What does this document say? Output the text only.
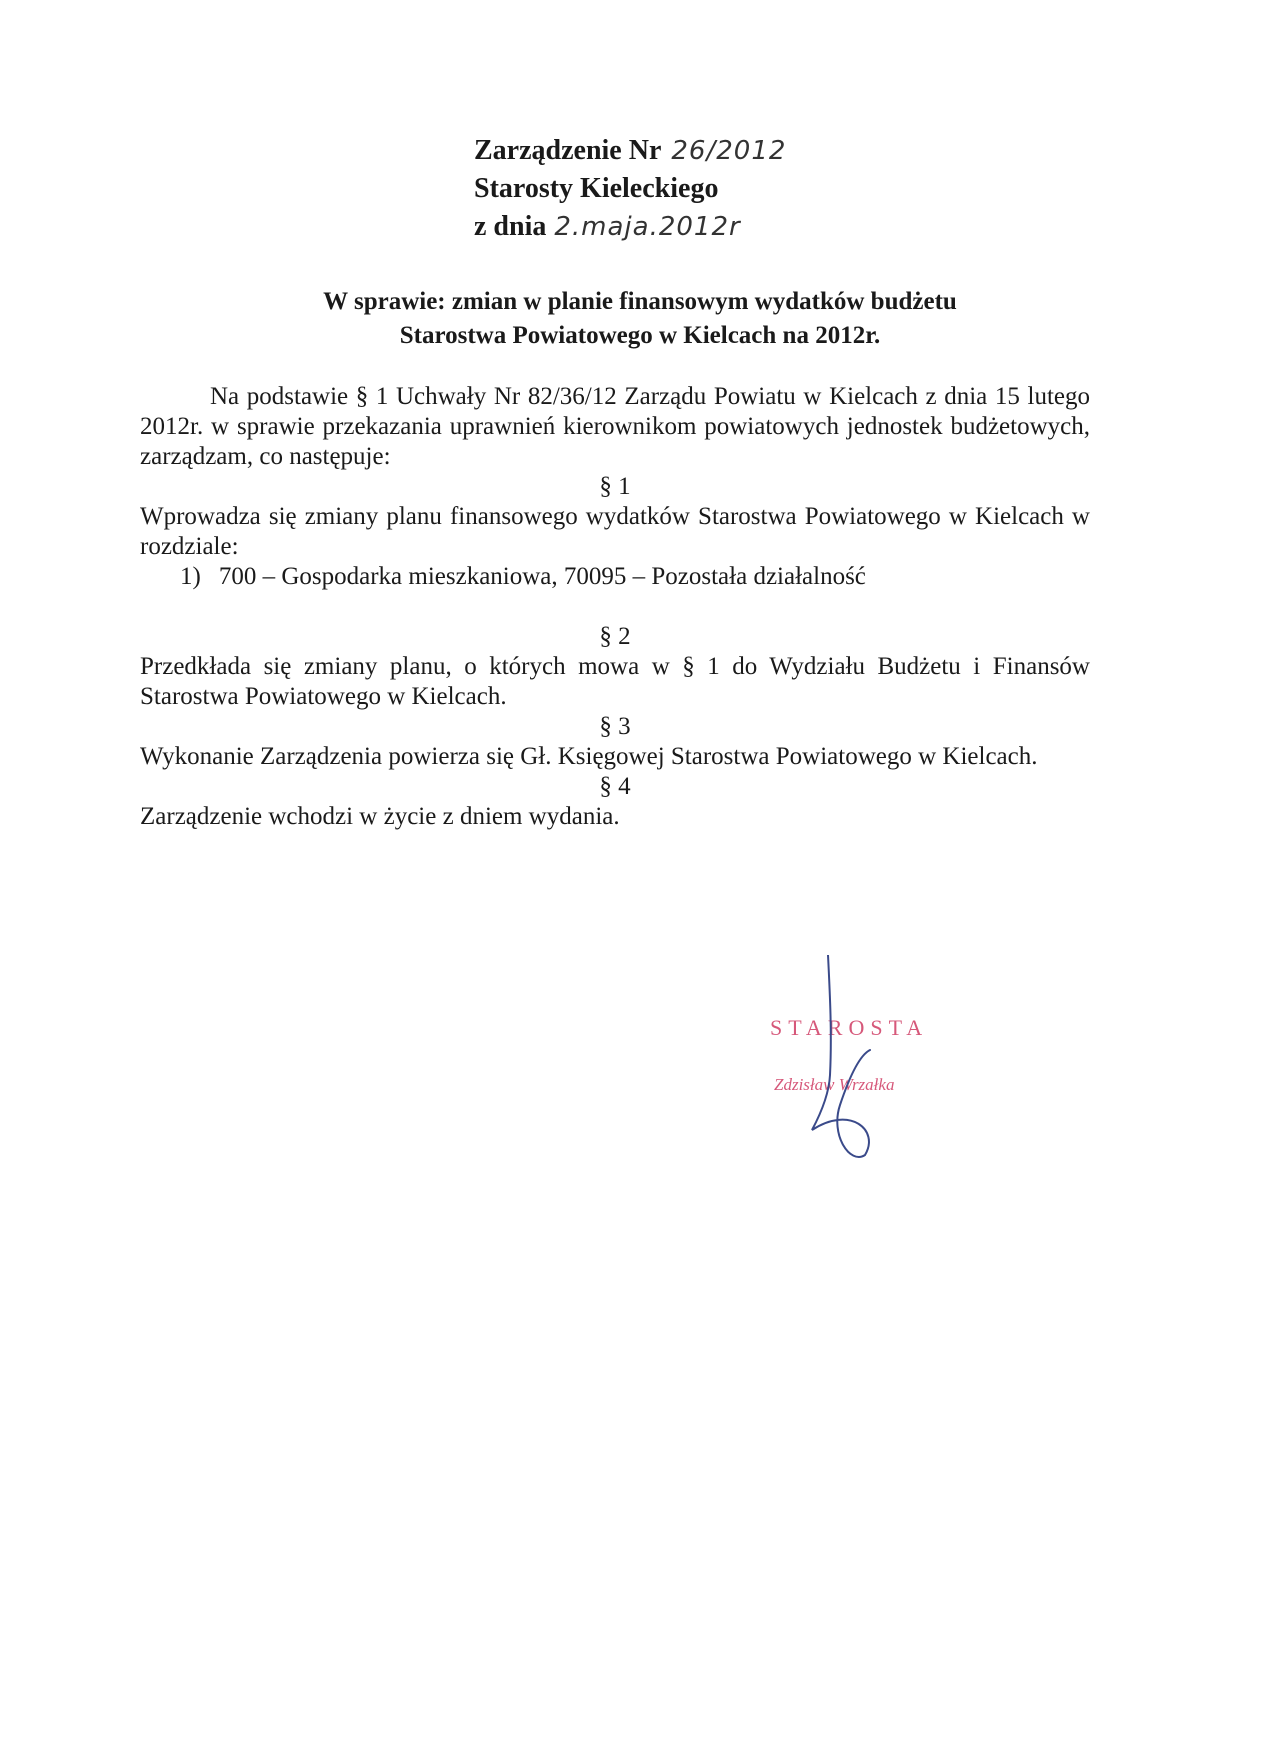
Zarządzenie Nr 26/2012
Starosty Kieleckiego
z dnia 2.maja.2012r
W sprawie: zmian w planie finansowym wydatków budżetu
Starostwa Powiatowego w Kielcach na 2012r.

Na podstawie § 1 Uchwały Nr 82/36/12 Zarządu Powiatu w Kielcach z dnia 15 lutego 2012r. w sprawie przekazania uprawnień kierownikom powiatowych jednostek budżetowych, zarządzam, co następuje:

§ 1

Wprowadza się zmiany planu finansowego wydatków Starostwa Powiatowego w Kielcach w rozdziale:

1) 700 – Gospodarka mieszkaniowa, 70095 – Pozostała działalność

§ 2

Przedkłada się zmiany planu, o których mowa w § 1 do Wydziału Budżetu i Finansów Starostwa Powiatowego w Kielcach.

§ 3

Wykonanie Zarządzenia powierza się Gł. Księgowej Starostwa Powiatowego w Kielcach.

§ 4

Zarządzenie wchodzi w życie z dniem wydania.

STAROSTA
Zdzisław Wrzałka
